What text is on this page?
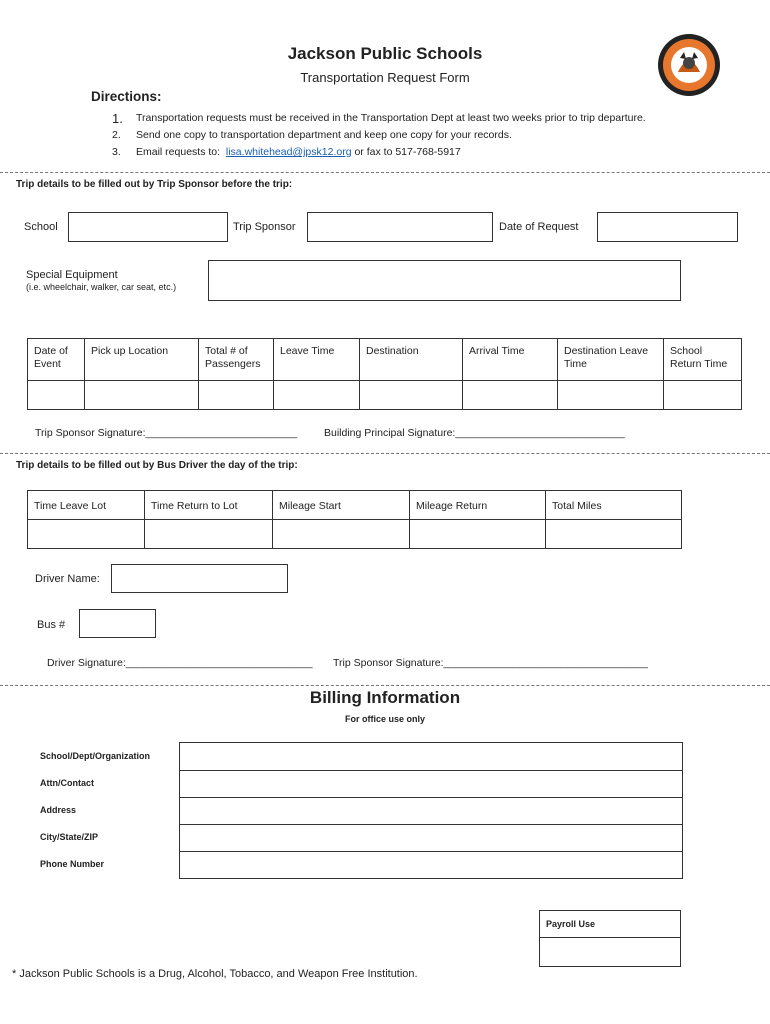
Jackson Public Schools
Transportation Request Form
Directions:
1. Transportation requests must be received in the Transportation Dept at least two weeks prior to trip departure.
2. Send one copy to transportation department and keep one copy for your records.
3. Email requests to: lisa.whitehead@jpsk12.org or fax to 517-768-5917
Trip details to be filled out by Trip Sponsor before the trip:
School	Trip Sponsor	Date of Request
Special Equipment
(i.e. wheelchair, walker, car seat, etc.)
Date of Event	Pick up Location	Total # of Passengers	Leave Time	Destination	Arrival Time	Destination Leave Time	School Return Time

Trip Sponsor Signature:__________________________	Building Principal Signature:_____________________________
Trip details to be filled out by Bus Driver the day of the trip:
Time Leave Lot	Time Return to Lot	Mileage Start	Mileage Return	Total Miles

Driver Name:
Bus #
Driver Signature:________________________________ Trip Sponsor Signature:___________________________________
Billing Information
For office use only
School/Dept/Organization
Attn/Contact
Address
City/State/ZIP
Phone Number
Payroll Use
* Jackson Public Schools is a Drug, Alcohol, Tobacco, and Weapon Free Institution.
